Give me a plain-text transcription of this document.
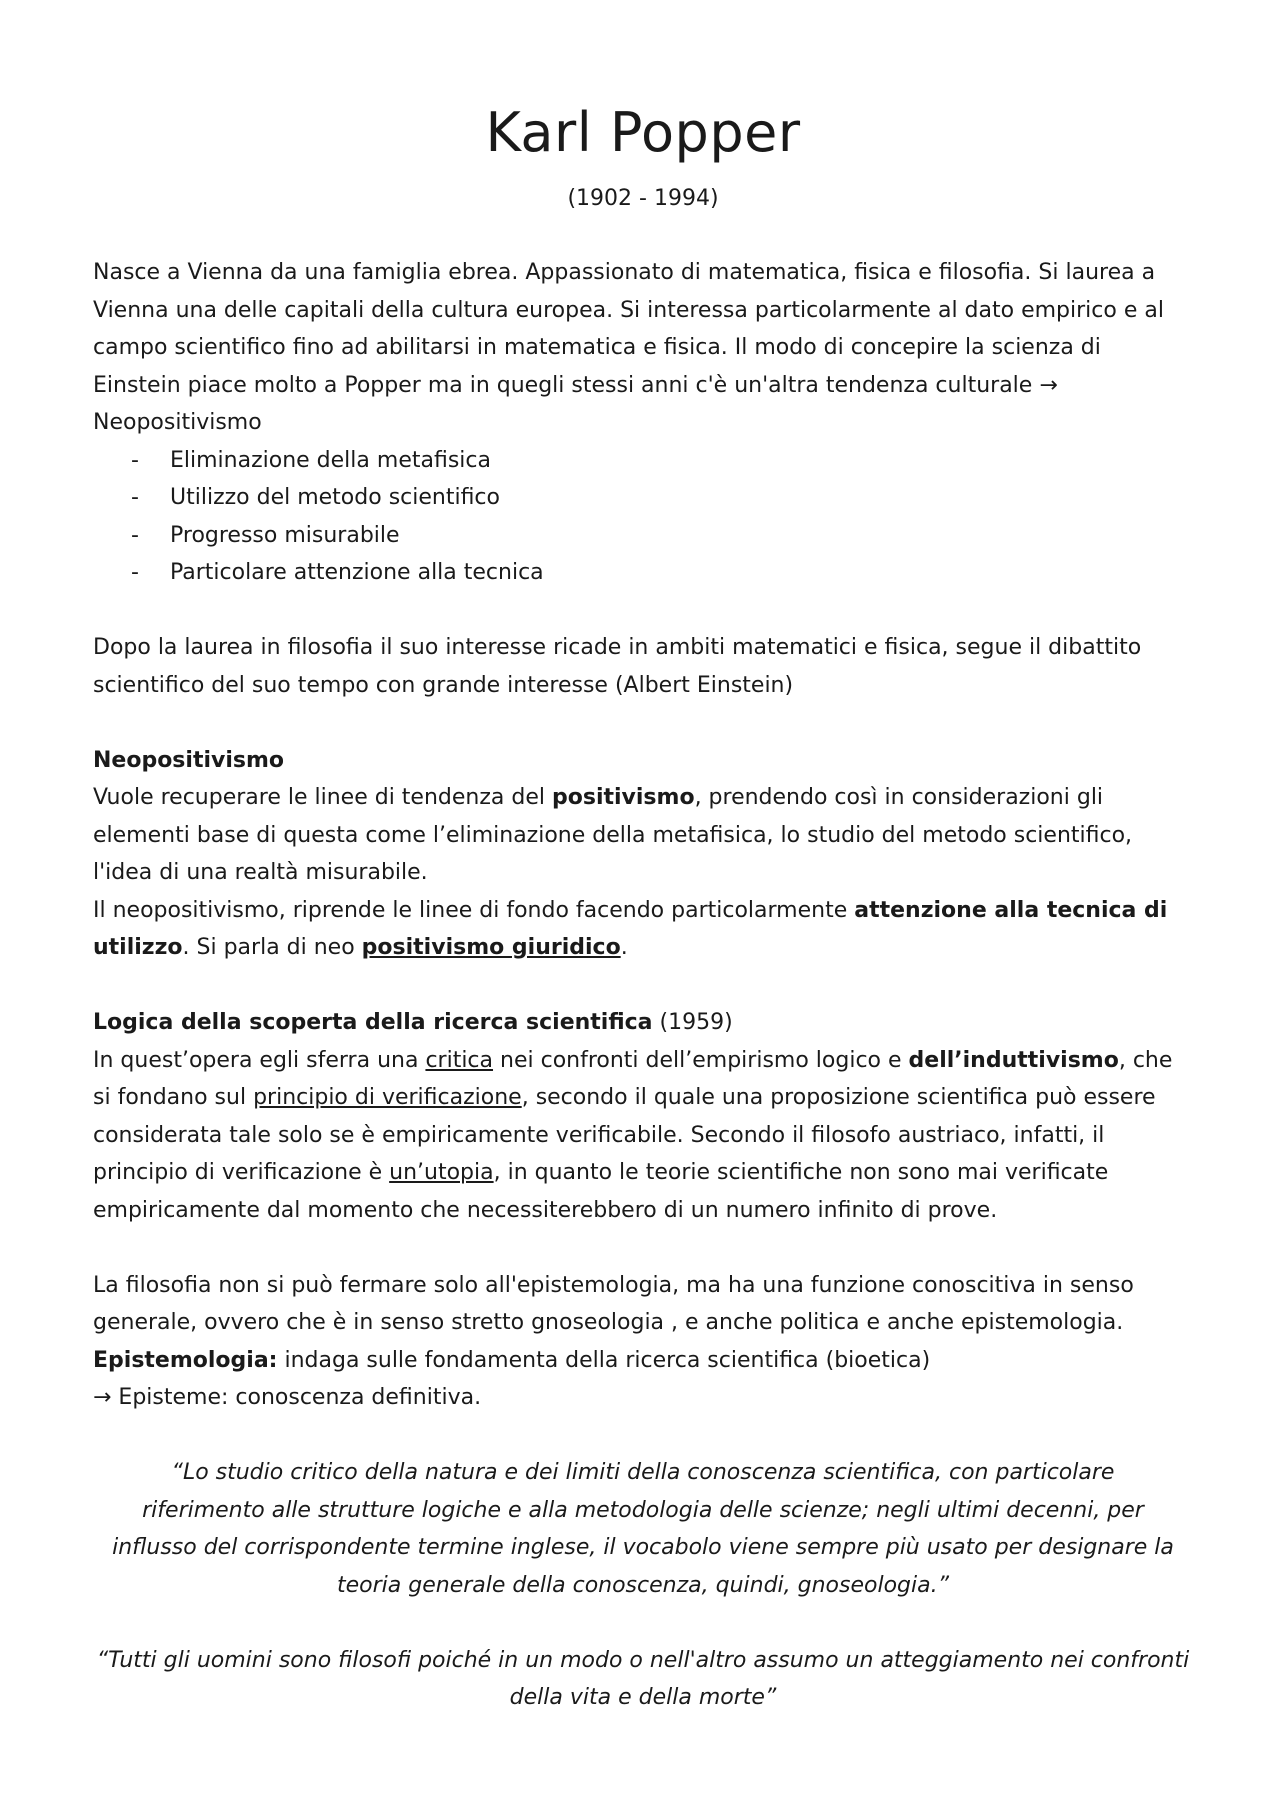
Karl Popper
(1902 - 1994)

Nasce a Vienna da una famiglia ebrea. Appassionato di matematica, fisica e filosofia. Si laurea a Vienna una delle capitali della cultura europea. Si interessa particolarmente al dato empirico e al campo scientifico fino ad abilitarsi in matematica e fisica. Il modo di concepire la scienza di Einstein piace molto a Popper ma in quegli stessi anni c'è un'altra tendenza culturale → Neopositivismo

- Eliminazione della metafisica
- Utilizzo del metodo scientifico
- Progresso misurabile
- Particolare attenzione alla tecnica

Dopo la laurea in filosofia il suo interesse ricade in ambiti matematici e fisica, segue il dibattito scientifico del suo tempo con grande interesse (Albert Einstein)

Neopositivismo

Vuole recuperare le linee di tendenza del positivismo, prendendo così in considerazioni gli elementi base di questa come l’eliminazione della metafisica, lo studio del metodo scientifico, l'idea di una realtà misurabile.

Il neopositivismo, riprende le linee di fondo facendo particolarmente attenzione alla tecnica di utilizzo. Si parla di neo positivismo giuridico.

Logica della scoperta della ricerca scientifica (1959)

In quest’opera egli sferra una critica nei confronti dell’empirismo logico e dell’induttivismo, che si fondano sul principio di verificazione, secondo il quale una proposizione scientifica può essere considerata tale solo se è empiricamente verificabile. Secondo il filosofo austriaco, infatti, il principio di verificazione è un’utopia, in quanto le teorie scientifiche non sono mai verificate empiricamente dal momento che necessiterebbero di un numero infinito di prove.

La filosofia non si può fermare solo all'epistemologia, ma ha una funzione conoscitiva in senso generale, ovvero che è in senso stretto gnoseologia , e anche politica e anche epistemologia.

Epistemologia: indaga sulle fondamenta della ricerca scientifica (bioetica)

→ Episteme: conoscenza definitiva.

“Lo studio critico della natura e dei limiti della conoscenza scientifica, con particolare riferimento alle strutture logiche e alla metodologia delle scienze; negli ultimi decenni, per influsso del corrispondente termine inglese, il vocabolo viene sempre più usato per designare la teoria generale della conoscenza, quindi, gnoseologia.”

“Tutti gli uomini sono filosofi poiché in un modo o nell'altro assumo un atteggiamento nei confronti della vita e della morte”
